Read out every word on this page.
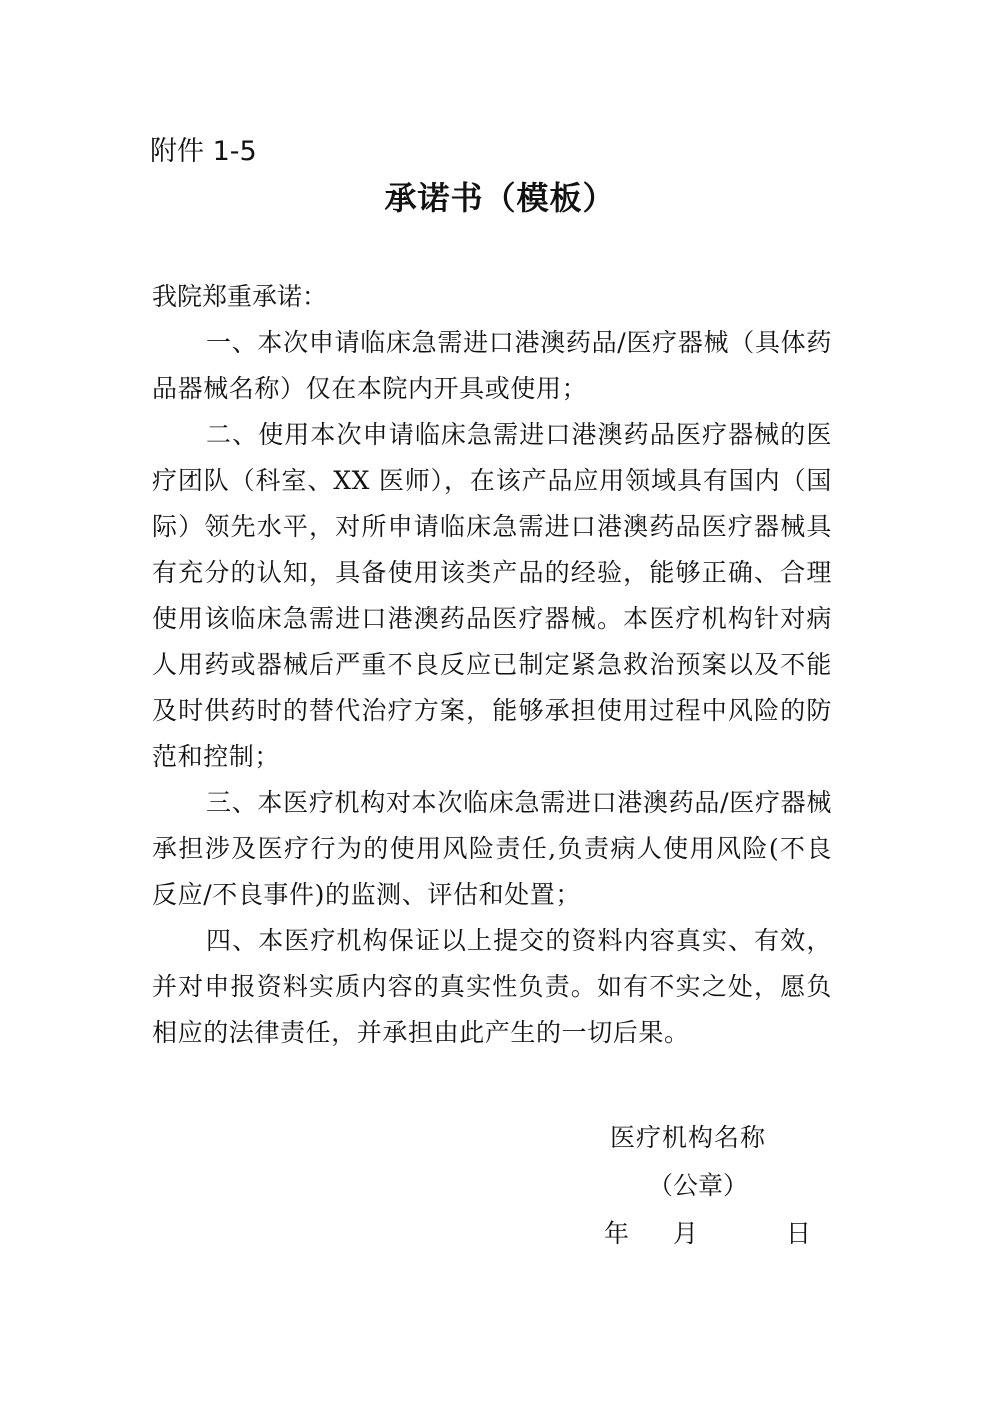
附件 1-5
承诺书（模板）
我院郑重承诺：

一、本次申请临床急需进口港澳药品/医疗器械（具体药品器械名称）仅在本院内开具或使用；

二、使用本次申请临床急需进口港澳药品医疗器械的医疗团队（科室、XX 医师），在该产品应用领域具有国内（国际）领先水平，对所申请临床急需进口港澳药品医疗器械具有充分的认知，具备使用该类产品的经验，能够正确、合理使用该临床急需进口港澳药品医疗器械。本医疗机构针对病人用药或器械后严重不良反应已制定紧急救治预案以及不能及时供药时的替代治疗方案，能够承担使用过程中风险的防范和控制；

三、本医疗机构对本次临床急需进口港澳药品/医疗器械承担涉及医疗行为的使用风险责任,负责病人使用风险(不良反应/不良事件)的监测、评估和处置；

四、本医疗机构保证以上提交的资料内容真实、有效，并对申报资料实质内容的真实性负责。如有不实之处，愿负相应的法律责任，并承担由此产生的一切后果。

医疗机构名称
（公章）
年 月	日
